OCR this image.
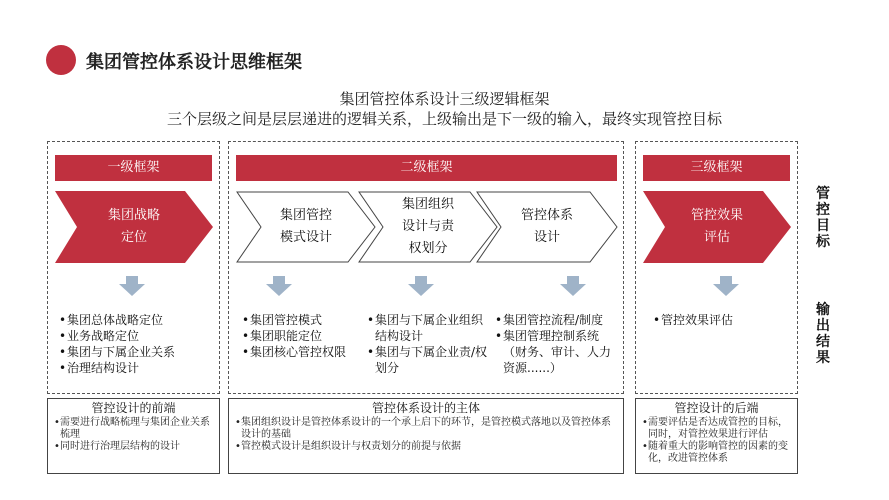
集团管控体系设计思维框架
集团管控体系设计三级逻辑框架
三个层级之间是层层递进的逻辑关系，上级输出是下一级的输入，最终实现管控目标
一级框架	二级框架	三级框架
集团战略
定位
集团管控
模式设计
集团组织
设计与责
权划分
管控体系
设计
管控效果
评估
• 集团总体战略定位
• 业务战略定位
• 集团与下属企业关系
• 治理结构设计
• 集团管控模式
• 集团职能定位
• 集团核心管控权限
• 集团与下属企业组织结构设计
• 集团与下属企业责/权划分
• 集团管控流程/制度
• 集团管理控制系统（财务、审计、人力资源......）
• 管控效果评估
管控目标
输出结果
管控设计的前端
• 需要进行战略梳理与集团企业关系梳理
• 同时进行治理层结构的设计
管控体系设计的主体
• 集团组织设计是管控体系设计的一个承上启下的环节，是管控模式落地以及管控体系设计的基础
• 管控模式设计是组织设计与权责划分的前提与依据
管控设计的后端
• 需要评估是否达成管控的目标，同时，对管控效果进行评估
• 随着重大的影响管控的因素的变化，改进管控体系
